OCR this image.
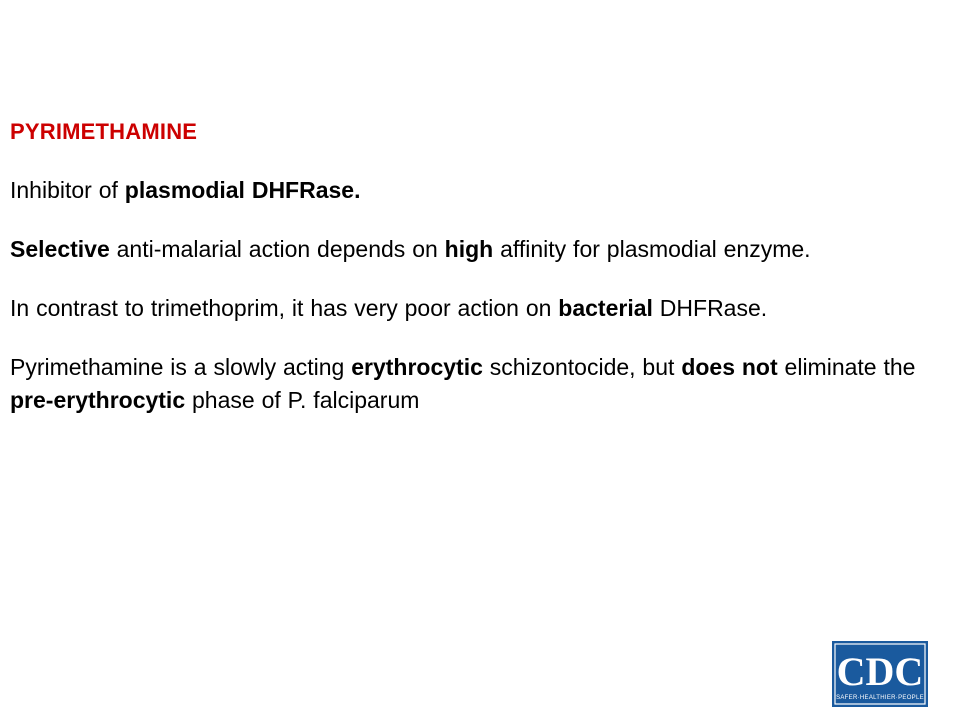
PYRIMETHAMINE

Inhibitor of plasmodial DHFRase.

Selective anti-malarial action depends on high affinity for plasmodial enzyme.

In contrast to trimethoprim, it has very poor action on bacterial DHFRase.

Pyrimethamine is a slowly acting erythrocytic schizontocide, but does not eliminate the pre-erythrocytic phase of P. falciparum

CDC
SAFER·HEALTHIER·PEOPLE
